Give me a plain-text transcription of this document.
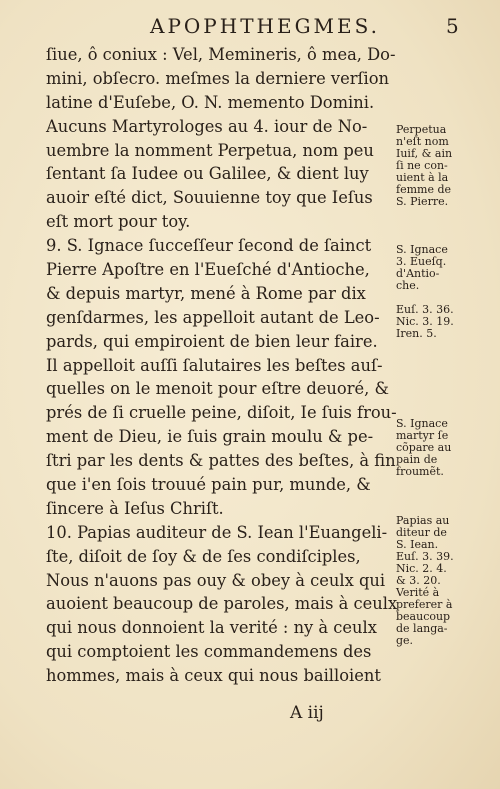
APOPHTHEGMES.	5
ſiue, ô coniux : Vel, Memineris, ô mea, Do-
mini, obſecro. meſmes la derniere verſion
latine d'Euſebe, O. N. memento Domini.
Aucuns Martyrologes au 4. iour de No-
uembre la nomment Perpetua, nom peu
ſentant ſa Iudee ou Galilee, & dient luy
auoir eſté dict, Souuienne toy que Ieſus
eſt mort pour toy.
9. S. Ignace ſucceſſeur ſecond de ſainct
Pierre Apoſtre en l'Eueſché d'Antioche,
& depuis martyr, mené à Rome par dix
genſdarmes, les appelloit autant de Leo-
pards, qui empiroient de bien leur faire.
Il appelloit auſſi ſalutaires les beſtes auſ-
quelles on le menoit pour eſtre deuoré, &
prés de ſi cruelle peine, diſoit, Ie ſuis frou-
ment de Dieu, ie ſuis grain moulu & pe-
ſtri par les dents & pattes des beſtes, à fin
que i'en ſois trouué pain pur, munde, &
ſincere à Ieſus Chriſt.
10. Papias auditeur de S. Iean l'Euangeli-
ſte, diſoit de ſoy & de ſes condiſciples,
Nous n'auons pas ouy & obey à ceulx qui
auoient beaucoup de paroles, mais à ceulx
qui nous donnoient la verité : ny à ceulx
qui comptoient les commandemens des
hommes, mais à ceux qui nous bailloient
Perpetua
n'eſt nom
Iuif, & ain
ſi ne con-
uient à la
femme de
S. Pierre.
S. Ignace
3. Eueſq.
d'Antio-
che.
Euſ. 3. 36.
Nic. 3. 19.
Iren. 5.
S. Ignace
martyr ſe
cõpare au
pain de
froumẽt.
Papias au
diteur de
S. Iean.
Euſ. 3. 39.
Nic. 2. 4.
& 3. 20.
Verité à
preferer à
beaucoup
de langa-
ge.
A iij
